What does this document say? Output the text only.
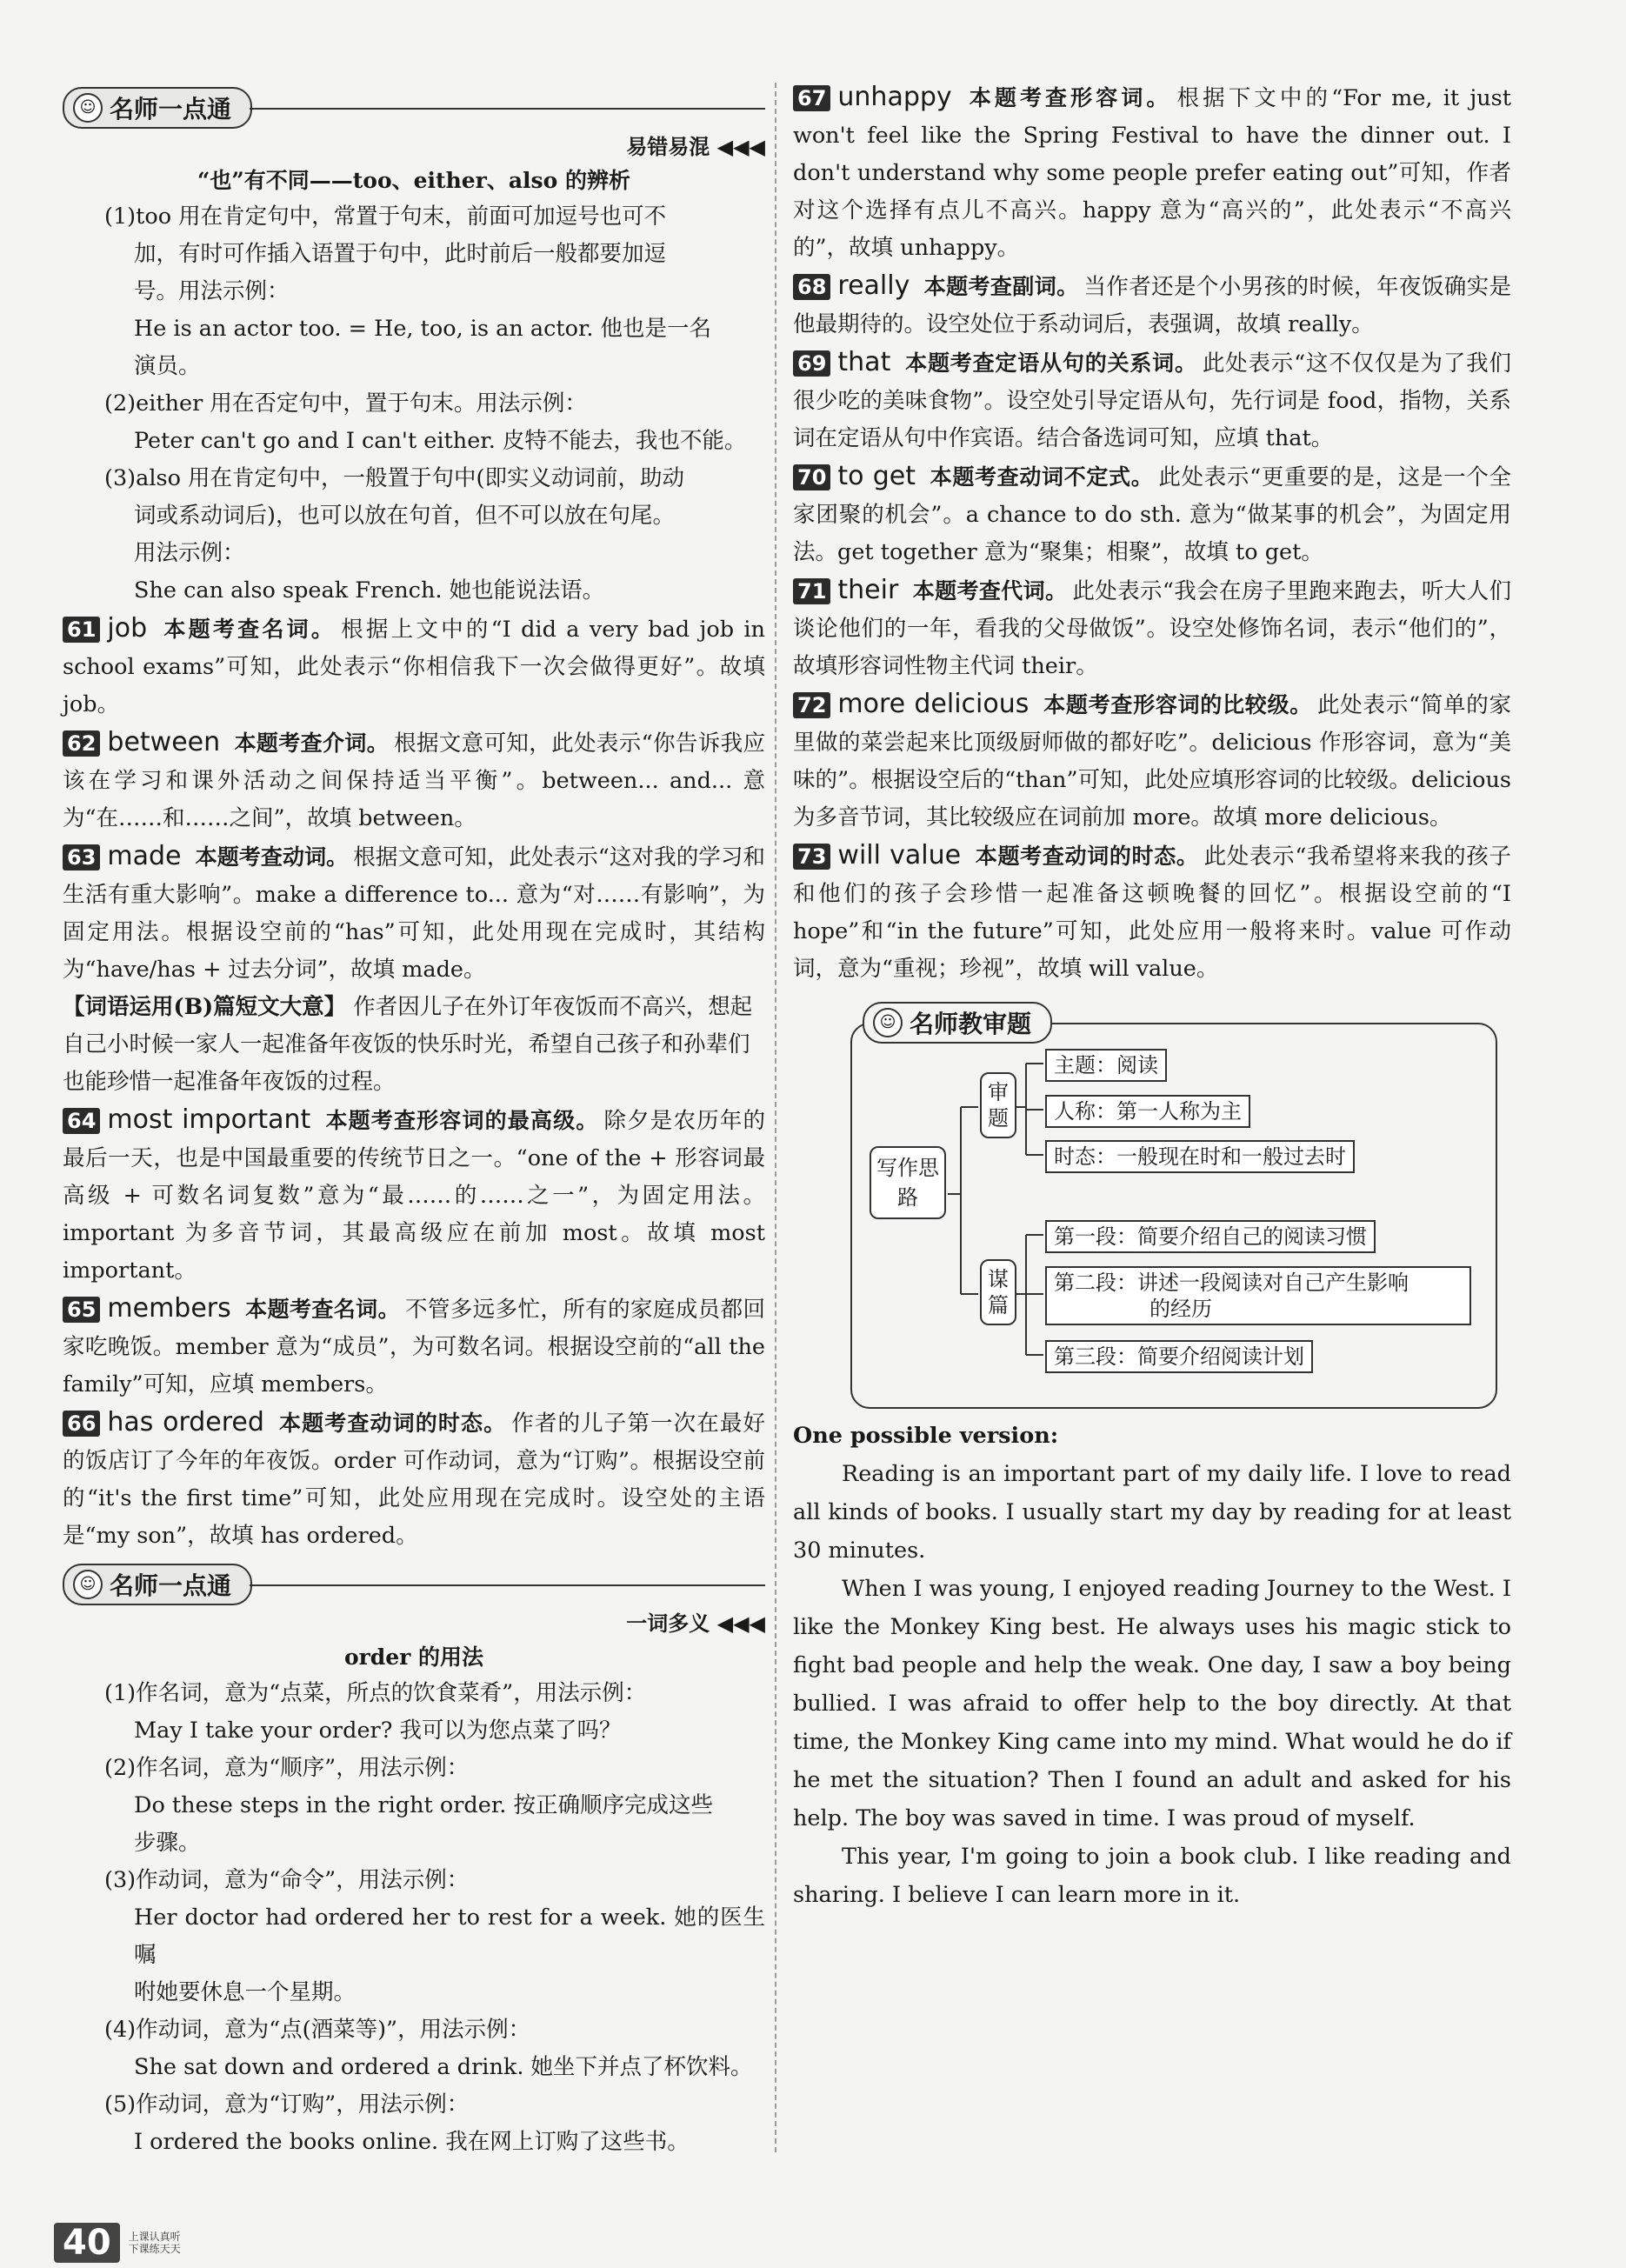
☺ 名师一点通

易错易混 ◀◀◀

“也”有不同——too、either、also 的辨析

(1)too 用在肯定句中，常置于句末，前面可加逗号也可不

加，有时可作插入语置于句中，此时前后一般都要加逗

号。用法示例：

He is an actor too. = He, too, is an actor. 他也是一名

演员。

(2)either 用在否定句中，置于句末。用法示例：

Peter can't go and I can't either. 皮特不能去，我也不能。

(3)also 用在肯定句中，一般置于句中(即实义动词前，助动

词或系动词后)，也可以放在句首，但不可以放在句尾。

用法示例：

She can also speak French. 她也能说法语。

61 job 本题考查名词。 根据上文中的“I did a very bad job in school exams”可知，此处表示“你相信我下一次会做得更好”。故填 job。

62 between 本题考查介词。 根据文意可知，此处表示“你告诉我应该在学习和课外活动之间保持适当平衡”。between... and... 意为“在……和……之间”，故填 between。

63 made 本题考查动词。 根据文意可知，此处表示“这对我的学习和生活有重大影响”。make a difference to... 意为“对……有影响”，为固定用法。根据设空前的“has”可知，此处用现在完成时，其结构为“have/has + 过去分词”，故填 made。

【词语运用(B)篇短文大意】 作者因儿子在外订年夜饭而不高兴，想起自己小时候一家人一起准备年夜饭的快乐时光，希望自己孩子和孙辈们也能珍惜一起准备年夜饭的过程。

64 most important 本题考查形容词的最高级。 除夕是农历年的最后一天，也是中国最重要的传统节日之一。“one of the + 形容词最高级 + 可数名词复数”意为“最……的……之一”，为固定用法。important 为多音节词，其最高级应在前加 most。故填 most important。

65 members 本题考查名词。 不管多远多忙，所有的家庭成员都回家吃晚饭。member 意为“成员”，为可数名词。根据设空前的“all the family”可知，应填 members。

66 has ordered 本题考查动词的时态。 作者的儿子第一次在最好的饭店订了今年的年夜饭。order 可作动词，意为“订购”。根据设空前的“it's the first time”可知，此处应用现在完成时。设空处的主语是“my son”，故填 has ordered。

☺ 名师一点通

一词多义 ◀◀◀

order 的用法

(1)作名词，意为“点菜，所点的饮食菜肴”，用法示例：

May I take your order? 我可以为您点菜了吗？

(2)作名词，意为“顺序”，用法示例：

Do these steps in the right order. 按正确顺序完成这些

步骤。

(3)作动词，意为“命令”，用法示例：

Her doctor had ordered her to rest for a week. 她的医生嘱

咐她要休息一个星期。

(4)作动词，意为“点(酒菜等)”，用法示例：

She sat down and ordered a drink. 她坐下并点了杯饮料。

(5)作动词，意为“订购”，用法示例：

I ordered the books online. 我在网上订购了这些书。

67 unhappy 本题考查形容词。 根据下文中的“For me, it just won't feel like the Spring Festival to have the dinner out. I don't understand why some people prefer eating out”可知，作者对这个选择有点儿不高兴。happy 意为“高兴的”，此处表示“不高兴的”，故填 unhappy。

68 really 本题考查副词。 当作者还是个小男孩的时候，年夜饭确实是他最期待的。设空处位于系动词后，表强调，故填 really。

69 that 本题考查定语从句的关系词。 此处表示“这不仅仅是为了我们很少吃的美味食物”。设空处引导定语从句，先行词是 food，指物，关系词在定语从句中作宾语。结合备选词可知，应填 that。

70 to get 本题考查动词不定式。 此处表示“更重要的是，这是一个全家团聚的机会”。a chance to do sth. 意为“做某事的机会”，为固定用法。get together 意为“聚集；相聚”，故填 to get。

71 their 本题考查代词。 此处表示“我会在房子里跑来跑去，听大人们谈论他们的一年，看我的父母做饭”。设空处修饰名词，表示“他们的”，故填形容词性物主代词 their。

72 more delicious 本题考查形容词的比较级。 此处表示“简单的家里做的菜尝起来比顶级厨师做的都好吃”。delicious 作形容词，意为“美味的”。根据设空后的“than”可知，此处应填形容词的比较级。delicious 为多音节词，其比较级应在词前加 more。故填 more delicious。

73 will value 本题考查动词的时态。 此处表示“我希望将来我的孩子和他们的孩子会珍惜一起准备这顿晚餐的回忆”。根据设空前的“I hope”和“in the future”可知，此处应用一般将来时。value 可作动词，意为“重视；珍视”，故填 will value。

☺ 名师教审题
写作思路
审题
谋篇
主题：阅读
人称：第一人称为主
时态：一般现在时和一般过去时
第一段：简要介绍自己的阅读习惯
第二段：讲述一段阅读对自己产生影响
的经历
第三段：简要介绍阅读计划

One possible version:

Reading is an important part of my daily life. I love to read all kinds of books. I usually start my day by reading for at least 30 minutes.

When I was young, I enjoyed reading Journey to the West. I like the Monkey King best. He always uses his magic stick to fight bad people and help the weak. One day, I saw a boy being bullied. I was afraid to offer help to the boy directly. At that time, the Monkey King came into my mind. What would he do if he met the situation? Then I found an adult and asked for his help. The boy was saved in time. I was proud of myself.

This year, I'm going to join a book club. I like reading and sharing. I believe I can learn more in it.

40	上课认真听
下课练天天
